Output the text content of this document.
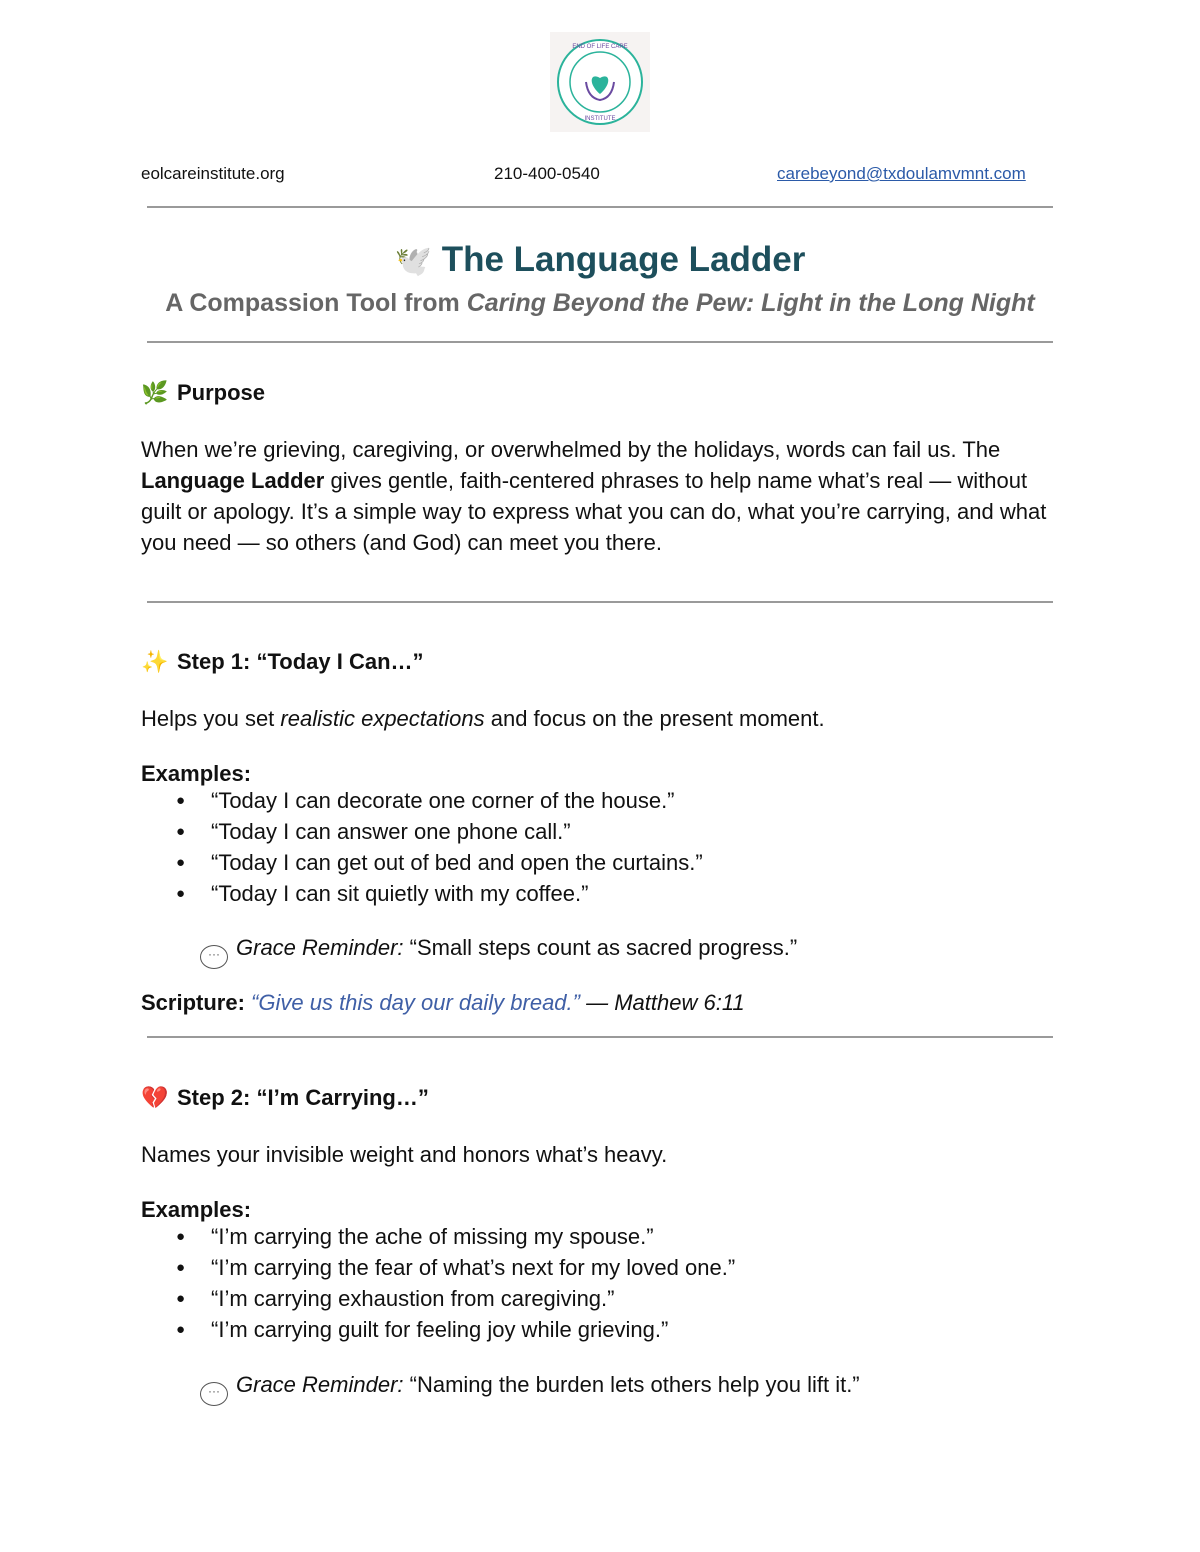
END OF LIFE CARE
INSTITUTE
eolcareinstitute.org	210-400-0540	carebeyond@txdoulamvmnt.com
🕊️ The Language Ladder
A Compassion Tool from Caring Beyond the Pew: Light in the Long Night
🌿 Purpose
When we’re grieving, caregiving, or overwhelmed by the holidays, words can fail us. The Language Ladder gives gentle, faith-centered phrases to help name what’s real — without guilt or apology. It’s a simple way to express what you can do, what you’re carrying, and what you need — so others (and God) can meet you there.
✨ Step 1: “Today I Can…”
Helps you set realistic expectations and focus on the present moment.
Examples:
● “Today I can decorate one corner of the house.”
● “Today I can answer one phone call.”
● “Today I can get out of bed and open the curtains.”
● “Today I can sit quietly with my coffee.”
··· Grace Reminder: “Small steps count as sacred progress.”
Scripture: “Give us this day our daily bread.” — Matthew 6:11
💔 Step 2: “I’m Carrying…”
Names your invisible weight and honors what’s heavy.
Examples:
● “I’m carrying the ache of missing my spouse.”
● “I’m carrying the fear of what’s next for my loved one.”
● “I’m carrying exhaustion from caregiving.”
● “I’m carrying guilt for feeling joy while grieving.”
··· Grace Reminder: “Naming the burden lets others help you lift it.”
